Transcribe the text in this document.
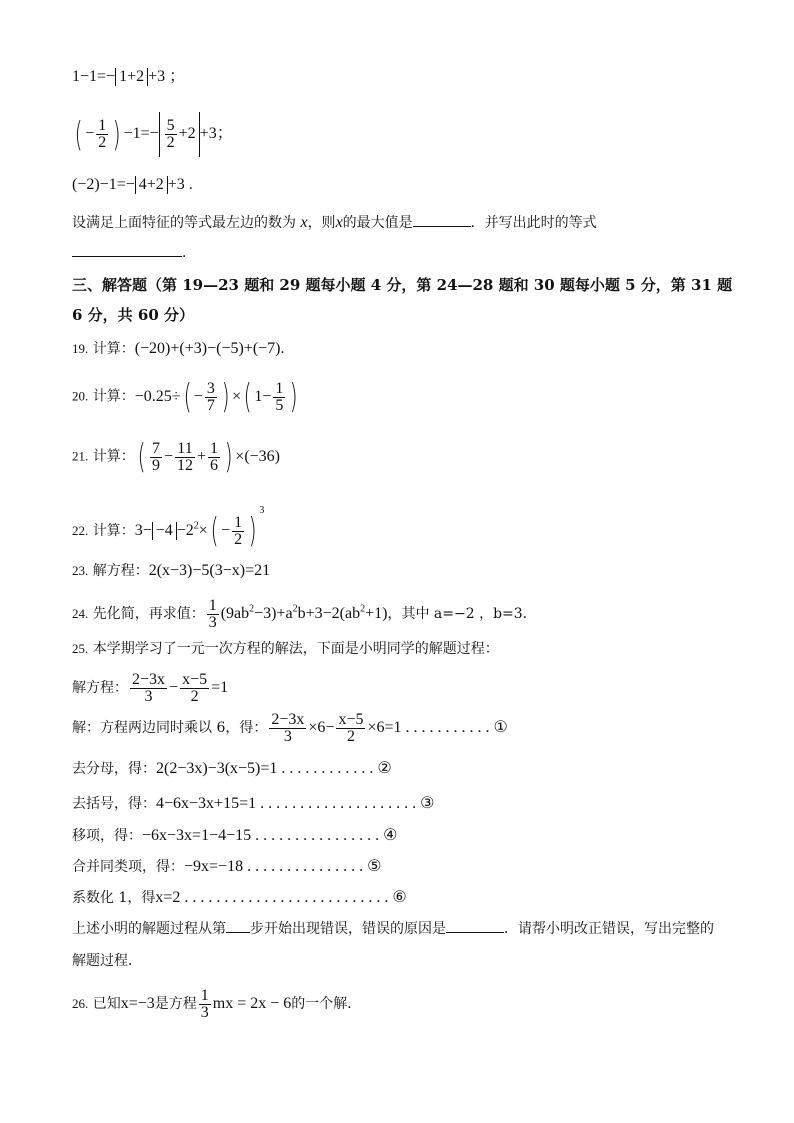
1−1=− 1+2 +3 ；
( − $\frac{1}{2}$ ) $-1=- \frac{5}{2} +2 +3$；
(−2)−1=− 4+2 +3 .
设满足上面特征的等式最左边的数为 x，则x的最大值是	．并写出此时的等式
．
三、解答题（第 19—23 题和 29 题每小题 4 分，第 24—28 题和 30 题每小题 5 分，第 31 题
6 分，共 60 分）
19. 计算：(−20)+(+3)−(−5)+(−7).
20. 计算：$-0.25\div( - \frac{3}{7}$ ) ×( $1- \frac{1}{5}$ )
21. 计算：( $\frac{7}{9} - \frac{11}{12} + \frac{1}{6}$ ) ×(−36)
22. 计算：$3- -4 -2^2\times( - \frac{1}{2} )^3$
23. 解方程：2(x−3)−5(3−x)=21
24. 先化简，再求值： $\frac{1}{3} (9ab^2-3)+a^2b+3-2(ab^2+1)$，其中 a=−2 ，b=3．
25. 本学期学习了一元一次方程的解法，下面是小明同学的解题过程：
解方程： $\frac{2-3x}{3} - \frac{x-5}{2} =1$
解：方程两边同时乘以 6，得： $\frac{2-3x}{3} \times 6- \frac{x-5}{2} \times 6=1$ . . . . . . . . . . . ①
去分母，得：2(2−3x)−3(x−5)=1 . . . . . . . . . . . . ②
去括号，得：4−6x−3x+15=1 . . . . . . . . . . . . . . . . . . . . ③
移项，得：−6x−3x=1−4−15 . . . . . . . . . . . . . . . . ④
合并同类项，得：−9x=−18 . . . . . . . . . . . . . . . ⑤
系数化 1，得x=2 . . . . . . . . . . . . . . . . . . . . . . . . . . ⑥
上述小明的解题过程从第 步开始出现错误，错误的原因是	．请帮小明改正错误，写出完整的
解题过程．
26. 已知x=−3是方程 $\frac{1}{3}$ mx = 2x − 6的一个解．
